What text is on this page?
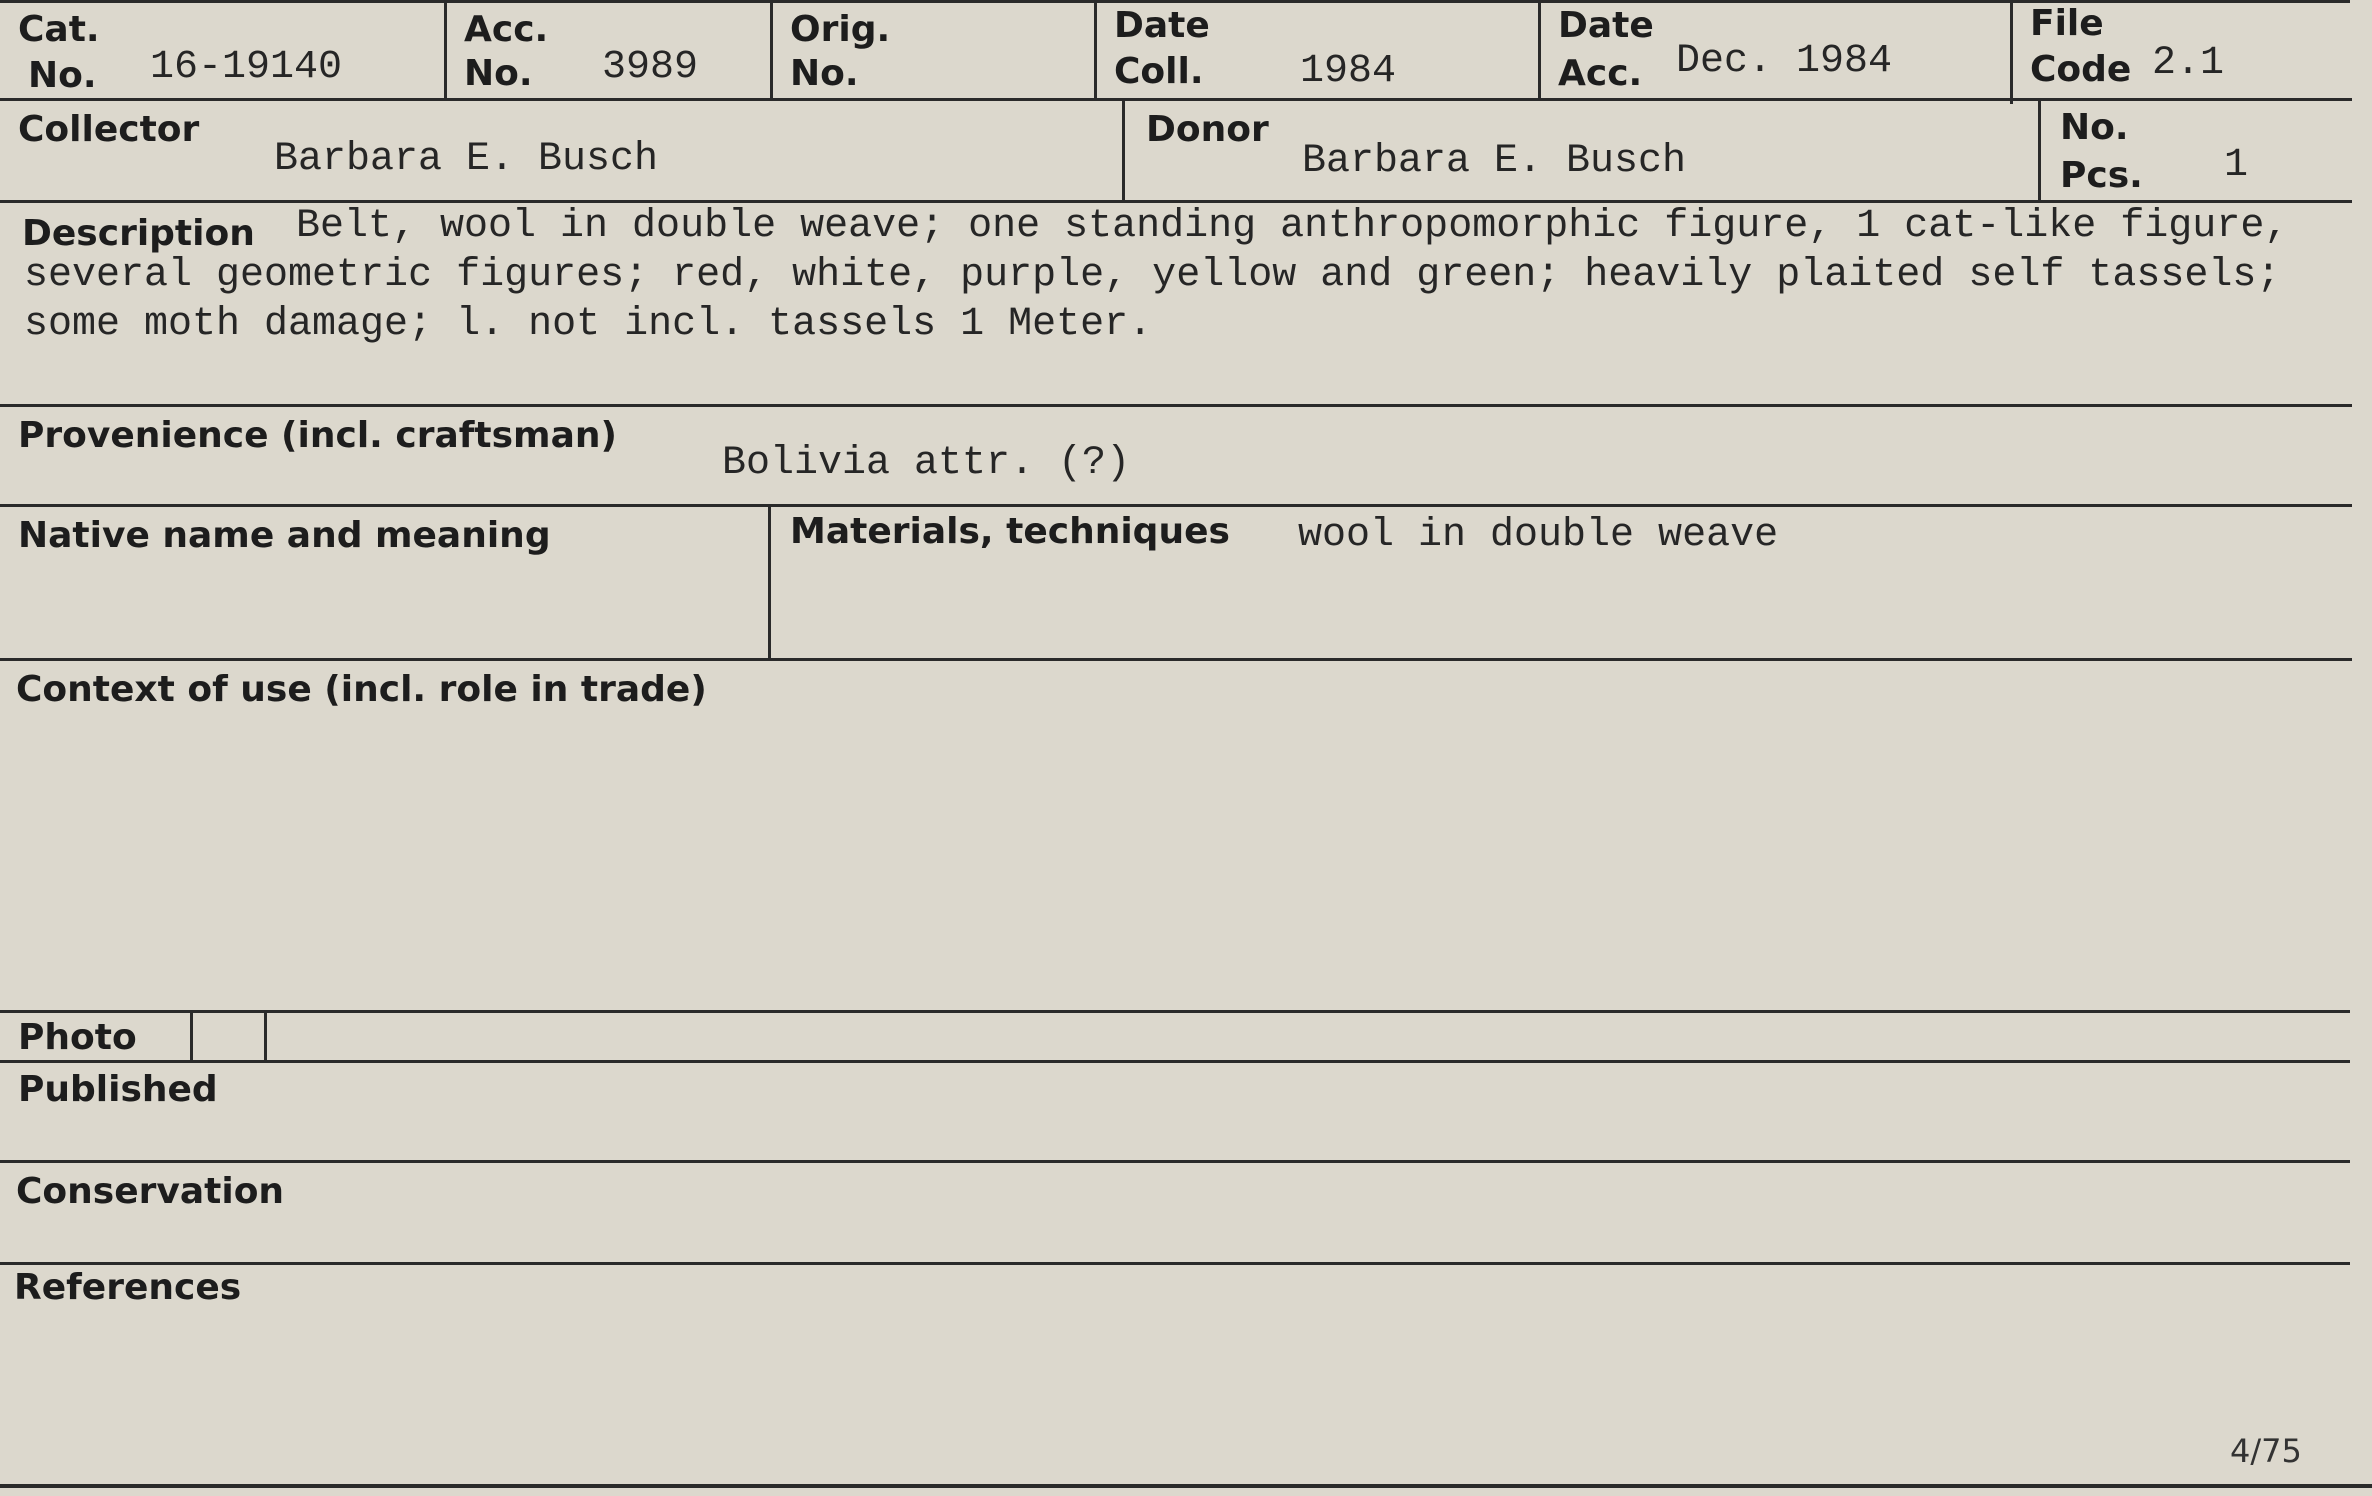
Cat.
No. 16-19140
Acc.
No. 3989
Orig.
No.
Date
Coll. 1984
Date
Acc. Dec. 1984
File
Code 2.1
Collector
Barbara E. Busch
Donor
Barbara E. Busch
No.
Pcs. 1
Description	Belt, wool in double weave; one standing anthropomorphic figure, 1 cat-like figure, several geometric figures; red, white, purple, yellow and green; heavily plaited self tassels; some moth damage; l. not incl. tassels 1 Meter.

Provenience (incl. craftsman)
Bolivia attr. (?)
Native name and meaning	Materials, techniques wool in double weave
Context of use (incl. role in trade)
Photo
Published
Conservation
References
4/75
